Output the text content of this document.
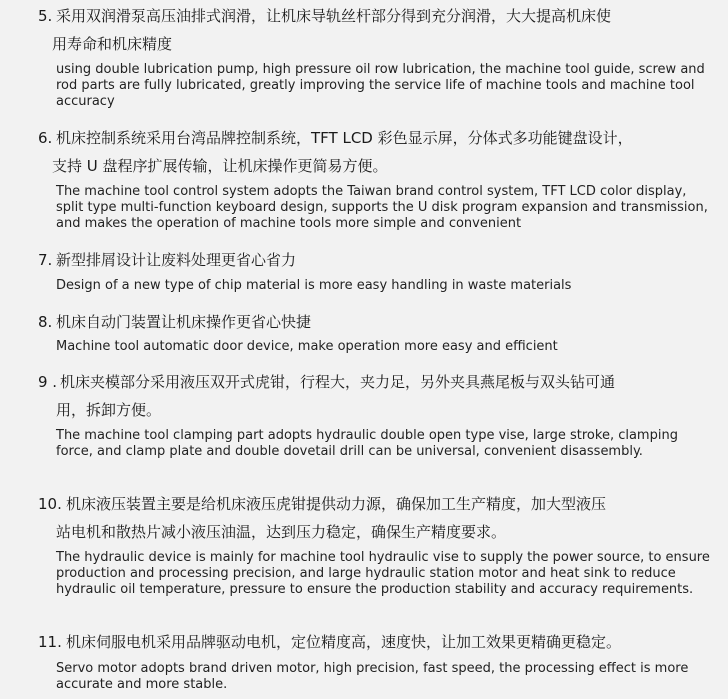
5. 采用双润滑泵高压油排式润滑，让机床导轨丝杆部分得到充分润滑，大大提高机床使
用寿命和机床精度
using double lubrication pump, high pressure oil row lubrication, the machine tool guide, screw and rod parts are fully lubricated, greatly improving the service life of machine tools and machine tool accuracy
6. 机床控制系统采用台湾品牌控制系统，TFT LCD 彩色显示屏，分体式多功能键盘设计，
支持 U 盘程序扩展传输，让机床操作更简易方便。
The machine tool control system adopts the Taiwan brand control system, TFT LCD color display, split type multi-function keyboard design, supports the U disk program expansion and transmission, and makes the operation of machine tools more simple and convenient
7. 新型排屑设计让废料处理更省心省力
Design of a new type of chip material is more easy handling in waste materials
8. 机床自动门装置让机床操作更省心快捷
Machine tool automatic door device, make operation more easy and efficient
9 . 机床夹模部分采用液压双开式虎钳，行程大，夹力足，另外夹具燕尾板与双头钻可通
用，拆卸方便。
The machine tool clamping part adopts hydraulic double open type vise, large stroke, clamping force, and clamp plate and double dovetail drill can be universal, convenient disassembly.
10. 机床液压装置主要是给机床液压虎钳提供动力源，确保加工生产精度，加大型液压
站电机和散热片减小液压油温，达到压力稳定，确保生产精度要求。
The hydraulic device is mainly for machine tool hydraulic vise to supply the power source, to ensure production and processing precision, and large hydraulic station motor and heat sink to reduce hydraulic oil temperature, pressure to ensure the production stability and accuracy requirements.
11. 机床伺服电机采用品牌驱动电机，定位精度高，速度快，让加工效果更精确更稳定。
Servo motor adopts brand driven motor, high precision, fast speed, the processing effect is more accurate and more stable.
